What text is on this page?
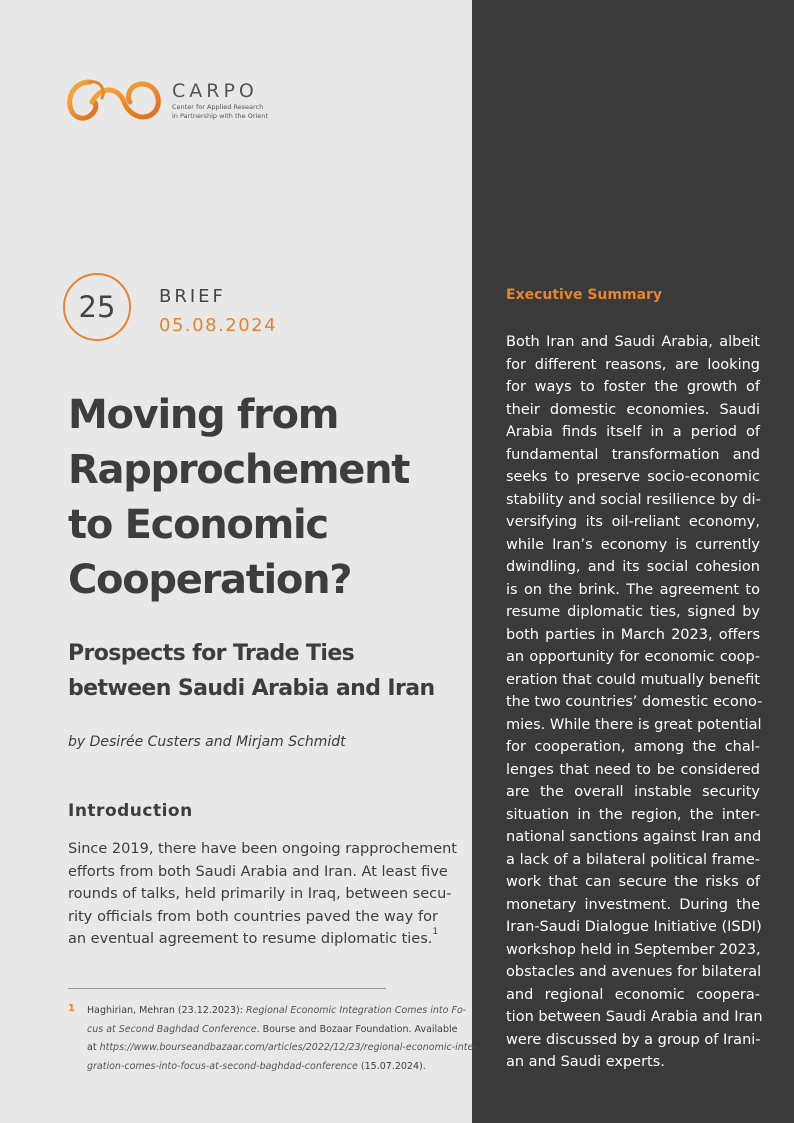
CARPO
Center for Applied Research
in Partnership with the Orient
25 BRIEF
05.08.2024
Moving from
Rapprochement
to Economic
Cooperation?
Prospects for Trade Ties
between Saudi Arabia and Iran
by Desirée Custers and Mirjam Schmidt
Introduction
Since 2019, there have been ongoing rapprochement
efforts from both Saudi Arabia and Iran. At least five
rounds of talks, held primarily in Iraq, between secu-
rity officials from both countries paved the way for
an eventual agreement to resume diplomatic ties.$^1$
1 Haghirian, Mehran (23.12.2023): Regional Economic Integration Comes into Fo-
cus at Second Baghdad Conference. Bourse and Bozaar Foundation. Available
at https://www.bourseandbazaar.com/articles/2022/12/23/regional-economic-inte-
gration-comes-into-focus-at-second-baghdad-conference (15.07.2024).
Executive Summary
Both Iran and Saudi Arabia, albeit
for different reasons, are looking
for ways to foster the growth of
their domestic economies. Saudi
Arabia finds itself in a period of
fundamental transformation and
seeks to preserve socio-economic
stability and social resilience by di-
versifying its oil-reliant economy,
while Iran’s economy is currently
dwindling, and its social cohesion
is on the brink. The agreement to
resume diplomatic ties, signed by
both parties in March 2023, offers
an opportunity for economic coop-
eration that could mutually benefit
the two countries’ domestic econo-
mies. While there is great potential
for cooperation, among the chal-
lenges that need to be considered
are the overall instable security
situation in the region, the inter-
national sanctions against Iran and
a lack of a bilateral political frame-
work that can secure the risks of
monetary investment. During the
Iran-Saudi Dialogue Initiative (ISDI)
workshop held in September 2023,
obstacles and avenues for bilateral
and regional economic coopera-
tion between Saudi Arabia and Iran
were discussed by a group of Irani-
an and Saudi experts.
